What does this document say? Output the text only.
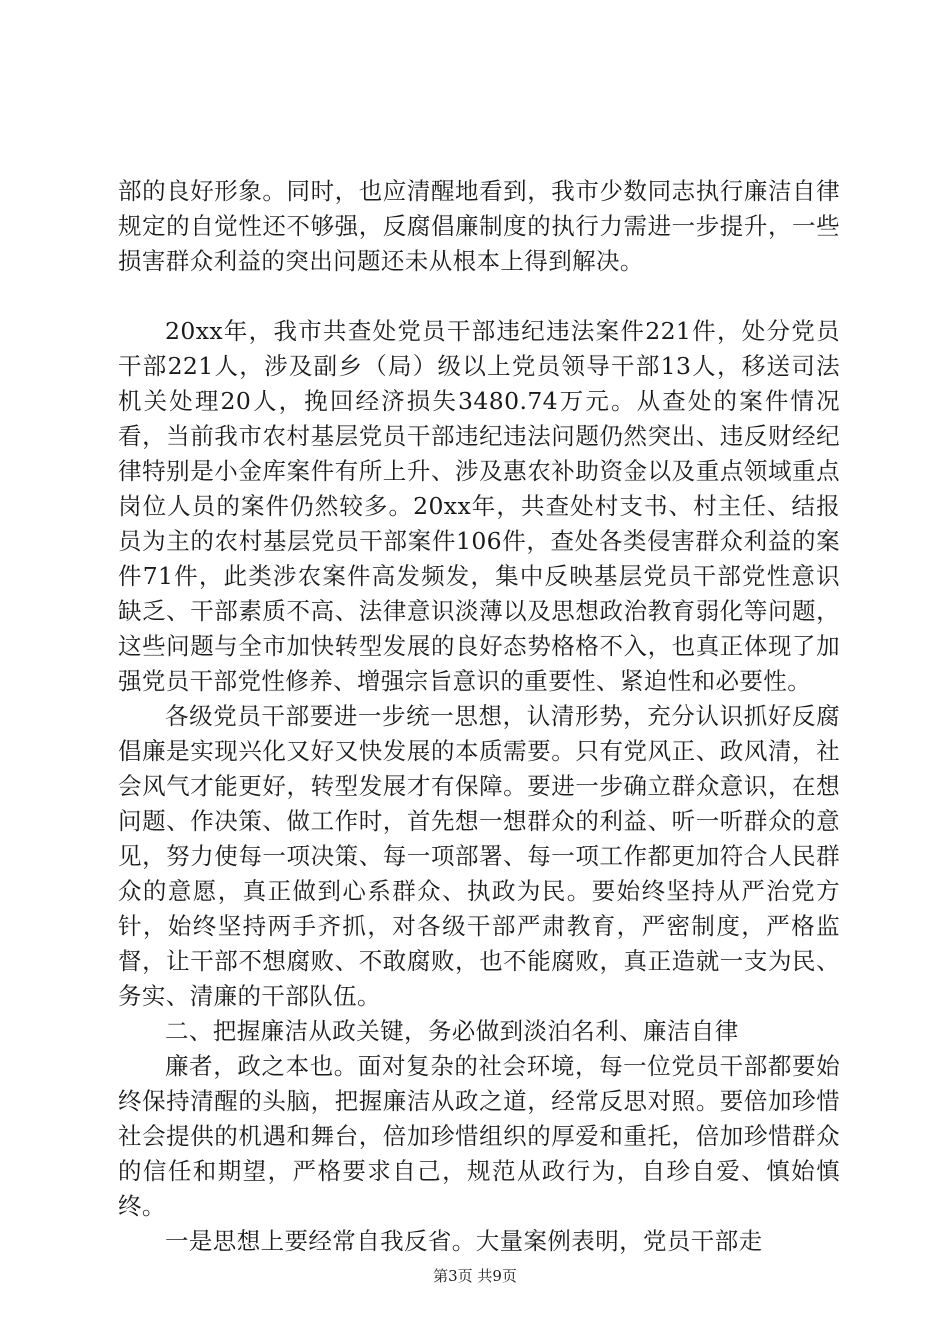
部的良好形象。同时，也应清醒地看到，我市少数同志执行廉洁自律规定的自觉性还不够强，反腐倡廉制度的执行力需进一步提升，一些损害群众利益的突出问题还未从根本上得到解决。

20xx年，我市共查处党员干部违纪违法案件221件，处分党员干部221人，涉及副乡（局）级以上党员领导干部13人，移送司法机关处理20人，挽回经济损失3480.74万元。从查处的案件情况看，当前我市农村基层党员干部违纪违法问题仍然突出、违反财经纪律特别是小金库案件有所上升、涉及惠农补助资金以及重点领域重点岗位人员的案件仍然较多。20xx年，共查处村支书、村主任、结报员为主的农村基层党员干部案件106件，查处各类侵害群众利益的案件71件，此类涉农案件高发频发，集中反映基层党员干部党性意识缺乏、干部素质不高、法律意识淡薄以及思想政治教育弱化等问题，这些问题与全市加快转型发展的良好态势格格不入，也真正体现了加强党员干部党性修养、增强宗旨意识的重要性、紧迫性和必要性。

各级党员干部要进一步统一思想，认清形势，充分认识抓好反腐倡廉是实现兴化又好又快发展的本质需要。只有党风正、政风清，社会风气才能更好，转型发展才有保障。要进一步确立群众意识，在想问题、作决策、做工作时，首先想一想群众的利益、听一听群众的意见，努力使每一项决策、每一项部署、每一项工作都更加符合人民群众的意愿，真正做到心系群众、执政为民。要始终坚持从严治党方针，始终坚持两手齐抓，对各级干部严肃教育，严密制度，严格监督，让干部不想腐败、不敢腐败，也不能腐败，真正造就一支为民、务实、清廉的干部队伍。

二、把握廉洁从政关键，务必做到淡泊名利、廉洁自律

廉者，政之本也。面对复杂的社会环境，每一位党员干部都要始终保持清醒的头脑，把握廉洁从政之道，经常反思对照。要倍加珍惜社会提供的机遇和舞台，倍加珍惜组织的厚爱和重托，倍加珍惜群众的信任和期望，严格要求自己，规范从政行为，自珍自爱、慎始慎终。

一是思想上要经常自我反省。大量案例表明，党员干部走

第3页 共9页
